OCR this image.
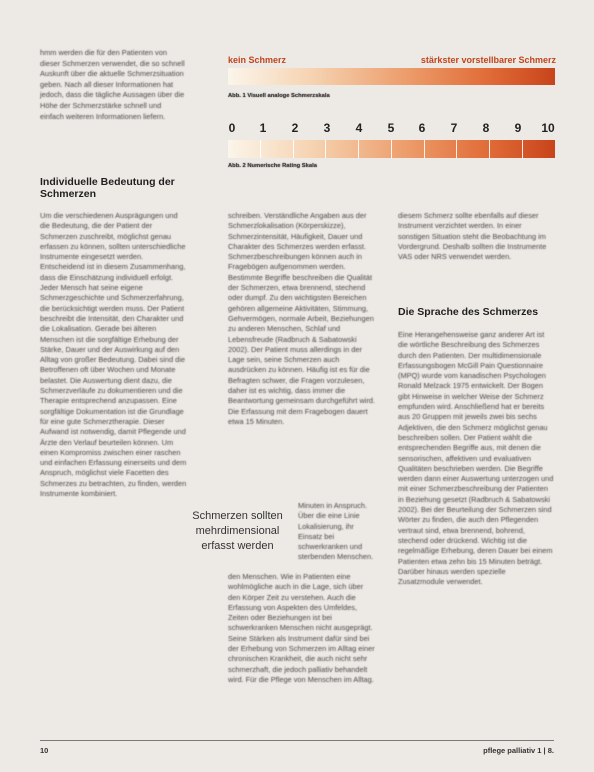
hmm werden die für den Patienten von dieser Schmerzen verwendet, die so schnell Auskunft über die aktuelle Schmerzsituation geben. Nach all dieser Informationen hat jedoch, dass die tägliche Aussagen über die Höhe der Schmerzstärke schnell und einfach weiteren Informationen liefern.
kein Schmerz	stärkster vorstellbarer Schmerz
Abb. 1 Visuell analoge Schmerzskala
0	1	2	3	4	5	6	7	8	9	10
Abb. 2 Numerische Rating Skala
Individuelle Bedeutung der Schmerzen
Um die verschiedenen Ausprägungen und die Bedeutung, die der Patient der Schmerzen zuschreibt, möglichst genau erfassen zu können, sollten unterschiedliche Instrumente eingesetzt werden. Entscheidend ist in diesem Zusammenhang, dass die Einschätzung individuell erfolgt. Jeder Mensch hat seine eigene Schmerzgeschichte und Schmerzerfahrung, die berücksichtigt werden muss. Der Patient beschreibt die Intensität, den Charakter und die Lokalisation. Gerade bei älteren Menschen ist die sorgfältige Erhebung der Stärke, Dauer und der Auswirkung auf den Alltag von großer Bedeutung. Dabei sind die Betroffenen oft über Wochen und Monate belastet. Die Auswertung dient dazu, die Schmerzverläufe zu dokumentieren und die Therapie entsprechend anzupassen. Eine sorgfältige Dokumentation ist die Grundlage für eine gute Schmerztherapie. Dieser Aufwand ist notwendig, damit Pflegende und Ärzte den Verlauf beurteilen können. Um einen Kompromiss zwischen einer raschen und einfachen Erfassung einerseits und dem Anspruch, möglichst viele Facetten des Schmerzes zu betrachten, zu finden, werden Instrumente kombiniert.
schreiben. Verständliche Angaben aus der Schmerzlokalisation (Körperskizze), Schmerzintensität, Häufigkeit, Dauer und Charakter des Schmerzes werden erfasst. Schmerzbeschreibungen können auch in Fragebögen aufgenommen werden. Bestimmte Begriffe beschreiben die Qualität der Schmerzen, etwa brennend, stechend oder dumpf. Zu den wichtigsten Bereichen gehören allgemeine Aktivitäten, Stimmung, Gehvermögen, normale Arbeit, Beziehungen zu anderen Menschen, Schlaf und Lebensfreude (Radbruch & Sabatowski 2002). Der Patient muss allerdings in der Lage sein, seine Schmerzen auch ausdrücken zu können. Häufig ist es für die Befragten schwer, die Fragen vorzulesen, daher ist es wichtig, dass immer die Beantwortung gemeinsam durchgeführt wird. Die Erfassung mit dem Fragebogen dauert etwa 15 Minuten.
Schmerzen sollten mehrdimensional erfasst werden
Minuten in Anspruch. Über die eine Linie Lokalisierung, ihr Einsatz bei schwerkranken und sterbenden Menschen.
den Menschen. Wie in Patienten eine wohlmögliche auch in die Lage, sich über den Körper Zeit zu verstehen. Auch die Erfassung von Aspekten des Umfeldes, Zeiten oder Beziehungen ist bei schwerkranken Menschen nicht ausgeprägt. Seine Stärken als Instrument dafür sind bei der Erhebung von Schmerzen im Alltag einer chronischen Krankheit, die auch nicht sehr schmerzhaft, die jedoch palliativ behandelt wird. Für die Pflege von Menschen im Alltag.
diesem Schmerz sollte ebenfalls auf dieser Instrument verzichtet werden. In einer sonstigen Situation steht die Beobachtung im Vordergrund. Deshalb sollten die Instrumente VAS oder NRS verwendet werden.
Die Sprache des Schmerzes
Eine Herangehensweise ganz anderer Art ist die wörtliche Beschreibung des Schmerzes durch den Patienten. Der multidimensionale Erfassungsbogen McGill Pain Questionnaire (MPQ) wurde vom kanadischen Psychologen Ronald Melzack 1975 entwickelt. Der Bogen gibt Hinweise in welcher Weise der Schmerz empfunden wird. Anschließend hat er bereits aus 20 Gruppen mit jeweils zwei bis sechs Adjektiven, die den Schmerz möglichst genau beschreiben sollen. Der Patient wählt die entsprechenden Begriffe aus, mit denen die sensorischen, affektiven und evaluativen Qualitäten beschrieben werden. Die Begriffe werden dann einer Auswertung unterzogen und mit einer Schmerzbeschreibung der Patienten in Beziehung gesetzt (Radbruch & Sabatowski 2002). Bei der Beurteilung der Schmerzen sind Wörter zu finden, die auch den Pflegenden vertraut sind, etwa brennend, bohrend, stechend oder drückend. Wichtig ist die regelmäßige Erhebung, deren Dauer bei einem Patienten etwa zehn bis 15 Minuten beträgt. Darüber hinaus werden spezielle Zusatzmodule verwendet.
10	pflege palliativ 1 | 8.
